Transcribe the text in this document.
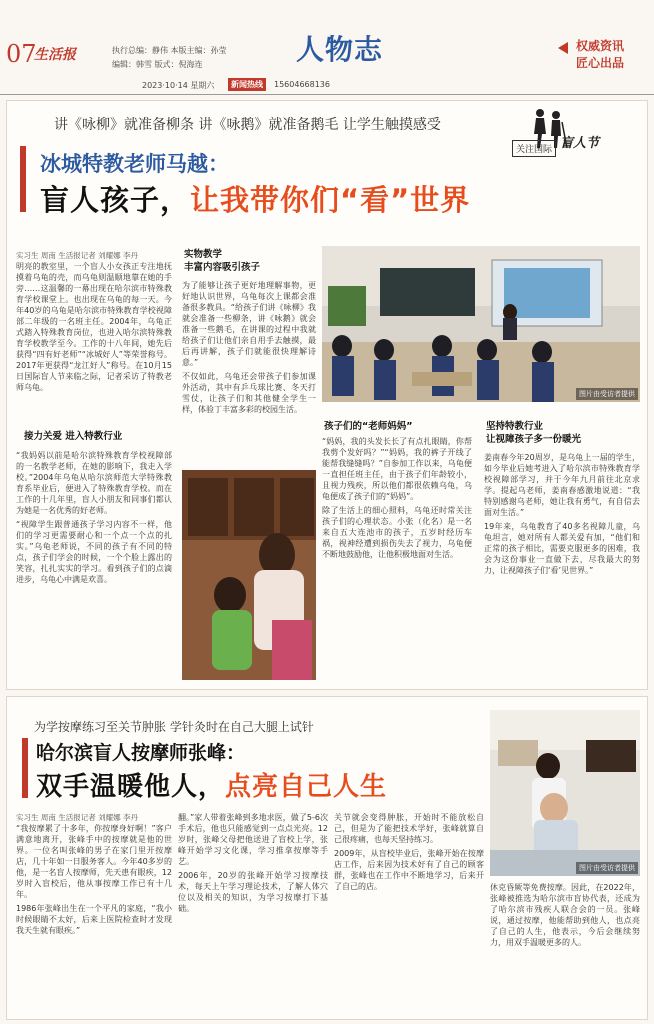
07
生活报	执行总编：静伟 本版主编：孙莹
编辑：韩雪 版式：倪海连
2023·10·14 星期六	新闻热线	15604668136
人物志	权威资讯
匠心出品
讲《咏柳》就准备柳条 讲《咏鹅》就准备鹅毛 让学生触摸感受
冰城特教老师马越：
盲人孩子，让我带你们“看”世界
关注国际 盲人节
实习生 周南 生活报记者 刘耀娜 李丹

明亮的教室里，一个盲人小女孩正专注地抚摸着乌龟的壳，而乌龟则温顺地靠在她的手旁……这温馨的一幕出现在哈尔滨市特殊教育学校课堂上。也出现在乌龟的每一天。今年40岁的乌龟是哈尔滨市特殊教育学校视障部二年级的一名班主任。2004年，乌龟正式踏入特殊教育岗位，也进入哈尔滨特殊教育学校教学至今。工作的十八年间，她先后获得“四有好老师”“冰城好人”等荣誉称号。2017年更获得“龙江好人”称号。在10月15日国际盲人节来临之际，记者采访了特教老师乌龟。

接力关爱 进入特教行业

“我妈妈以前是哈尔滨特殊教育学校视障部的一名教学老师，在她的影响下，我走入学校。”2004年乌龟从哈尔滨师范大学特殊教育系毕业后，便进入了特殊教育学校。而在工作的十几年里，盲人小朋友和同事们都认为她是一名优秀的好老师。

“视障学生跟普通孩子学习内容不一样，他们的学习更需要耐心和一个点一个点的扎实。”乌龟老师说，不同的孩子有不同的特点，孩子们学会的时候，一个个脸上露出的笑容，扎扎实实的学习。看到孩子们的点滴进步，乌龟心中满是欢喜。

实物教学
丰富内容吸引孩子

为了能够让孩子更好地理解事物，更好地认识世界，乌龟每次上课都会准备很多教具。“给孩子们讲《咏柳》我就会准备一些柳条，讲《咏鹅》就会准备一些鹅毛，在讲课的过程中我就给孩子们让他们亲自用手去触摸，最后再讲解，孩子们就能很快理解诗意。”

不仅如此，乌龟还会带孩子们参加课外活动，其中有乒乓球比赛、冬天打雪仗，让孩子们和其他健全学生一样，体验丁丰富多彩的校园生活。

图片由受访者提供
孩子们的“老师妈妈”

“妈妈，我的头发长长了有点扎眼睛，你帮我剪个发好吗？”“妈妈，我的裤子开线了能帮我缝缝吗？”自参加工作以来，乌龟便一直担任班主任，由于孩子们年龄较小，且视力残疾，所以他们都很依赖乌龟，乌龟便成了孩子们的“妈妈”。

除了生活上的细心照料，乌龟还时常关注孩子们的心理状态。小张（化名）是一名来自五大连池市的孩子，五岁时经历车祸，视神经遭到损伤失去了视力，乌龟便不断地鼓励他，让他积极地面对生活。

坚持特教行业
让视障孩子多一份暖光

姜南春今年20周岁，是乌龟上一届的学生，如今毕业后她考进入了哈尔滨市特殊教育学校视障部学习，并于今年九月前往北京求学。提起乌老师，姜南春感激地说道：“我特别感谢乌老师，她让我有勇气，有自信去面对生活。”

19年来，乌龟教育了40多名视障儿童，乌龟坦言，她对所有人都关爱有加，“他们和正常的孩子相比，需要克服更多的困难，我会为这份事业一直做下去，尽我最大的努力，让视障孩子们‘看’见世界。”

为学按摩练习至关节肿胀 学针灸时在自己大腿上试针
哈尔滨盲人按摩师张峰：
双手温暖他人，点亮自己人生
实习生 周南 生活报记者 刘耀娜 李丹

“我按摩累了十多年，你按摩身好啊！”客户满意地离开，张峰手中的按摩就是他的世界。一位名叫张峰的男子在家门里开按摩店，几十年如一日服务客人。今年40多岁的他，是一名盲人按摩师，先天患有眼疾，12岁时入盲校后，他从事按摩工作已有十几年。

1986年张峰出生在一个平凡的家庭，“我小时候眼睛不太好，后来上医院检查时才发现我天生就有眼疾。”

翻。”家人带着张峰到多地求医，做了5-6次手术后，他也只能感觉到一点点光亮。12岁时，张峰父母把他送进了盲校上学，张峰开始学习文化课，学习推拿按摩等手艺。

2006年，20岁的张峰开始学习按摩技术，每天上午学习理论技术，了解人体穴位以及相关的知识，为学习按摩打下基础。

关节就会变得肿胀，开始时不能放松自己，但是为了能把技术学好，张峰就算自己很疼痛，也每天坚持练习。

2009年，从盲校毕业后，张峰开始在按摩店工作，后来因为技术好有了自己的顾客群，张峰也在工作中不断地学习，后来开了自己的店。	休克昏厥等免费按摩。因此，在2022年，张峰被推选为哈尔滨市盲协代表，还成为了哈尔滨市残疾人联合会的一员。张峰说，通过按摩，他能帮助到他人，也点亮了自己的人生，他表示，今后会继续努力，用双手温暖更多的人。

图片由受访者提供
